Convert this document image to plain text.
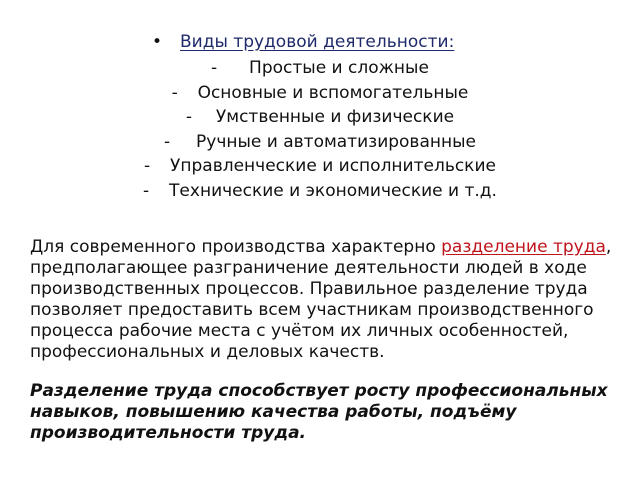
• Виды трудовой деятельности:
- Простые и сложные
- Основные и вспомогательные
- Умственные и физические
- Ручные и автоматизированные
- Управленческие и исполнительские
- Технические и экономические и т.д.

Для современного производства характерно разделение труда, предполагающее разграничение деятельности людей в ходе производственных процессов. Правильное разделение труда позволяет предоставить всем участникам производственного процесса рабочие места с учётом их личных особенностей, профессиональных и деловых качеств.

Разделение труда способствует росту профессиональных навыков, повышению качества работы, подъёму производительности труда.
